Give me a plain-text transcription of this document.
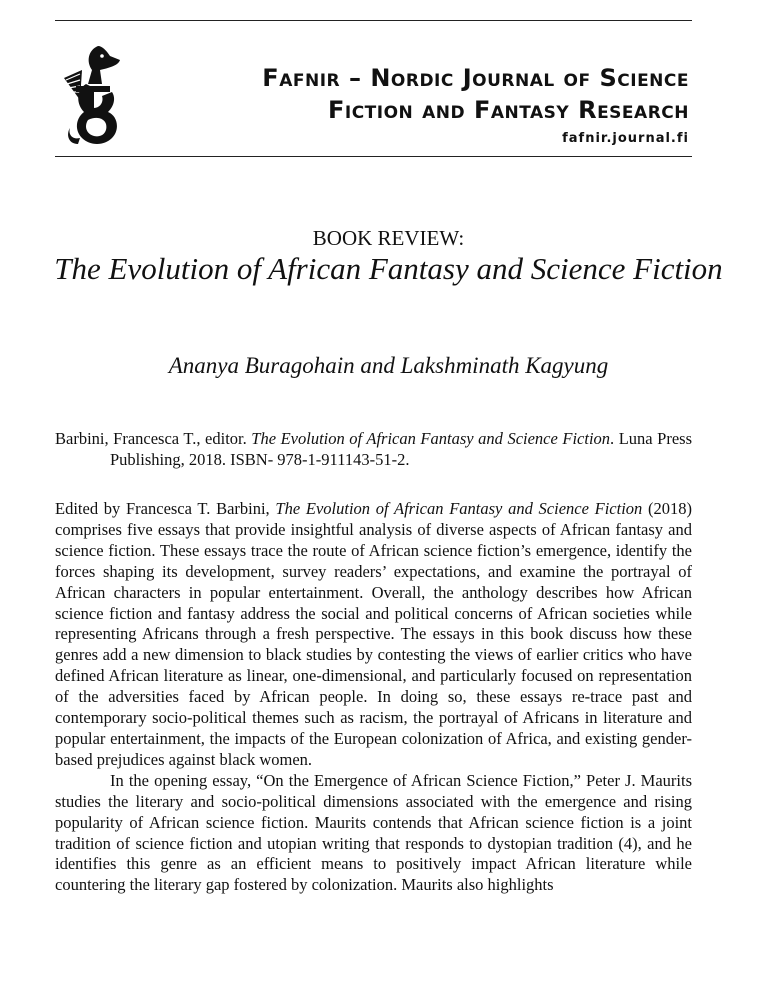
Fafnir – Nordic Journal of Science
Fiction and Fantasy Research
fafnir.journal.fi
BOOK REVIEW:
The Evolution of African Fantasy and Science Fiction
Ananya Buragohain and Lakshminath Kagyung
Barbini, Francesca T., editor. The Evolution of African Fantasy and Science Fiction. Luna Press Publishing, 2018. ISBN- 978-1-911143-51-2.

Edited by Francesca T. Barbini, The Evolution of African Fantasy and Science Fiction (2018) comprises five essays that provide insightful analysis of diverse aspects of African fantasy and science fiction. These essays trace the route of African science fiction’s emergence, identify the forces shaping its development, survey readers’ expectations, and examine the portrayal of African characters in popular entertainment. Overall, the anthology describes how African science fiction and fantasy address the social and political concerns of African societies while representing Africans through a fresh perspective. The essays in this book discuss how these genres add a new dimension to black studies by contesting the views of earlier critics who have defined African literature as linear, one-dimensional, and particularly focused on representation of the adversities faced by African people. In doing so, these essays re-trace past and contemporary socio-political themes such as racism, the portrayal of Africans in literature and popular entertainment, the impacts of the European colonization of Africa, and existing gender-based prejudices against black women.

In the opening essay, “On the Emergence of African Science Fiction,” Peter J. Maurits studies the literary and socio-political dimensions associated with the emergence and rising popularity of African science fiction. Maurits contends that African science fiction is a joint tradition of science fiction and utopian writing that responds to dystopian tradition (4), and he identifies this genre as an efficient means to positively impact African literature while countering the literary gap fostered by colonization. Maurits also highlights
